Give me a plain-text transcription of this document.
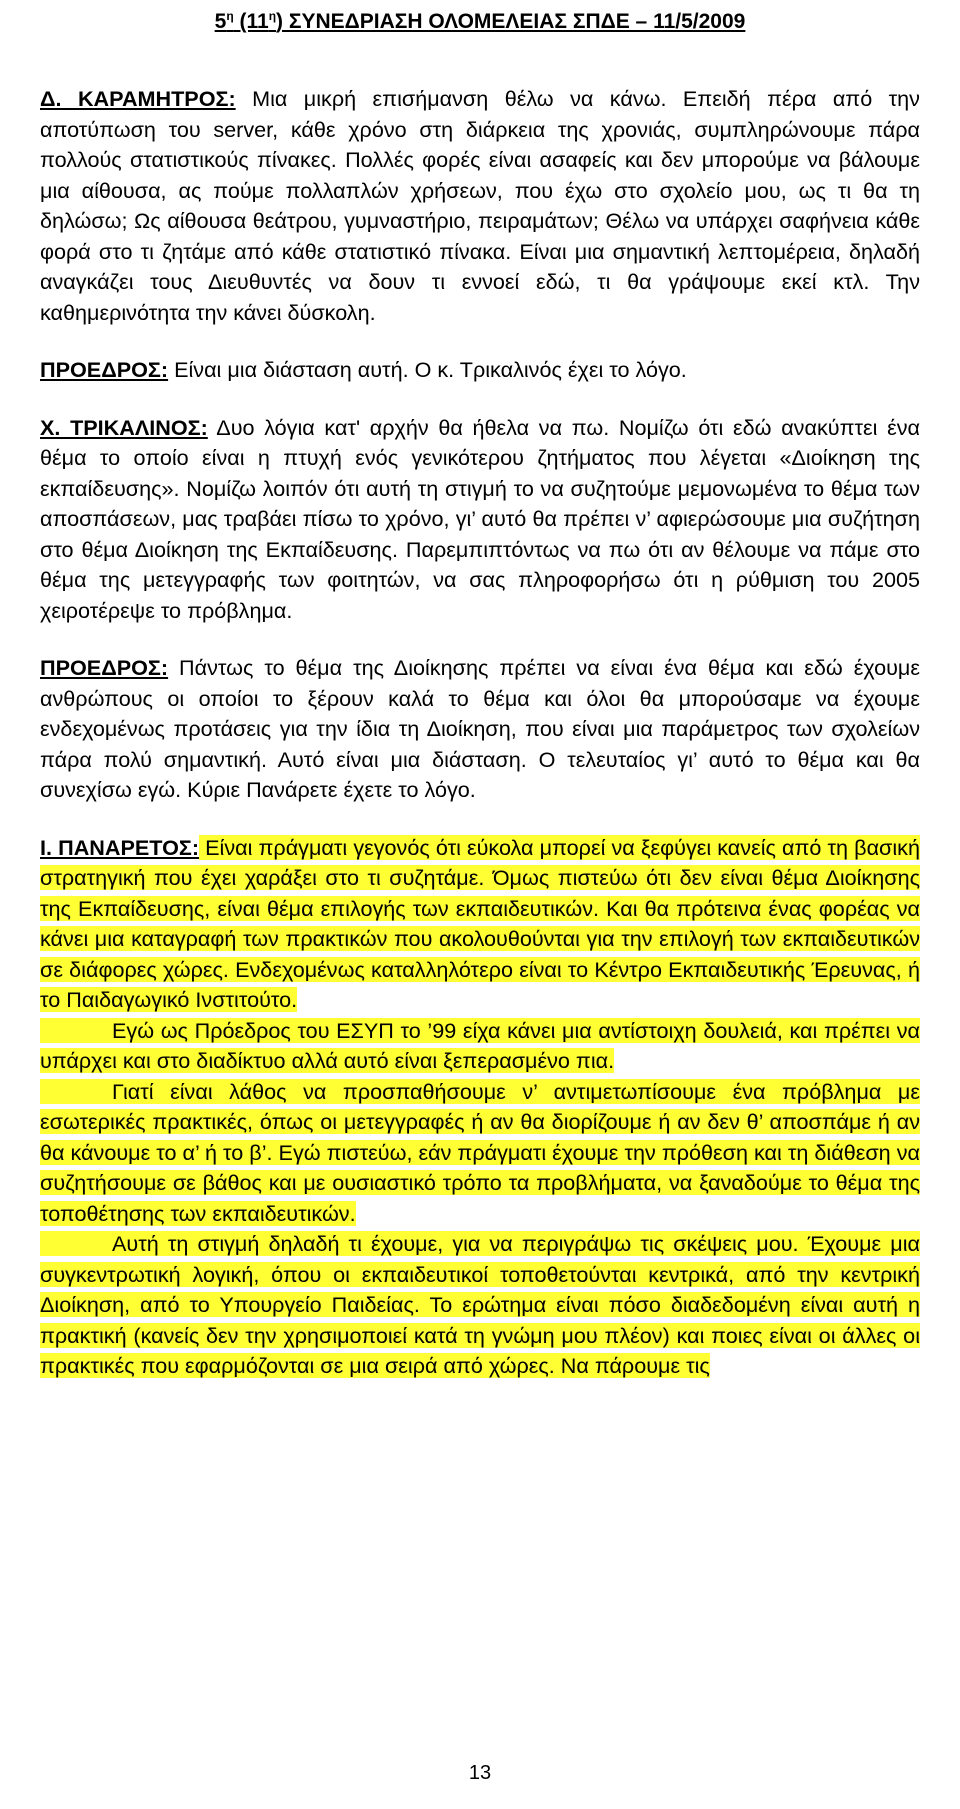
$5^\eta$ $(11^\eta)$ ΣΥΝΕΔΡΙΑΣΗ ΟΛΟΜΕΛΕΙΑΣ ΣΠΔΕ – 11/5/2009

Δ. ΚΑΡΑΜΗΤΡΟΣ: Μια μικρή επισήμανση θέλω να κάνω. Επειδή πέρα από την αποτύπωση του server, κάθε χρόνο στη διάρκεια της χρονιάς, συμπληρώνουμε πάρα πολλούς στατιστικούς πίνακες. Πολλές φορές είναι ασαφείς και δεν μπορούμε να βάλουμε μια αίθουσα, ας πούμε πολλαπλών χρήσεων, που έχω στο σχολείο μου, ως τι θα τη δηλώσω; Ως αίθουσα θεάτρου, γυμναστήριο, πειραμάτων; Θέλω να υπάρχει σαφήνεια κάθε φορά στο τι ζητάμε από κάθε στατιστικό πίνακα. Είναι μια σημαντική λεπτομέρεια, δηλαδή αναγκάζει τους Διευθυντές να δουν τι εννοεί εδώ, τι θα γράψουμε εκεί κτλ. Την καθημερινότητα την κάνει δύσκολη.

ΠΡΟΕΔΡΟΣ: Είναι μια διάσταση αυτή. Ο κ. Τρικαλινός έχει το λόγο.

Χ. ΤΡΙΚΑΛΙΝΟΣ: Δυο λόγια κατ' αρχήν θα ήθελα να πω. Νομίζω ότι εδώ ανακύπτει ένα θέμα το οποίο είναι η πτυχή ενός γενικότερου ζητήματος που λέγεται «Διοίκηση της εκπαίδευσης». Νομίζω λοιπόν ότι αυτή τη στιγμή το να συζητούμε μεμονωμένα το θέμα των αποσπάσεων, μας τραβάει πίσω το χρόνο, γι’ αυτό θα πρέπει ν’ αφιερώσουμε μια συζήτηση στο θέμα Διοίκηση της Εκπαίδευσης. Παρεμπιπτόντως να πω ότι αν θέλουμε να πάμε στο θέμα της μετεγγραφής των φοιτητών, να σας πληροφορήσω ότι η ρύθμιση του 2005 χειροτέρεψε το πρόβλημα.

ΠΡΟΕΔΡΟΣ: Πάντως το θέμα της Διοίκησης πρέπει να είναι ένα θέμα και εδώ έχουμε ανθρώπους οι οποίοι το ξέρουν καλά το θέμα και όλοι θα μπορούσαμε να έχουμε ενδεχομένως προτάσεις για την ίδια τη Διοίκηση, που είναι μια παράμετρος των σχολείων πάρα πολύ σημαντική. Αυτό είναι μια διάσταση. Ο τελευταίος γι’ αυτό το θέμα και θα συνεχίσω εγώ. Κύριε Πανάρετε έχετε το λόγο.

Ι. ΠΑΝΑΡΕΤΟΣ: Είναι πράγματι γεγονός ότι εύκολα μπορεί να ξεφύγει κανείς από τη βασική στρατηγική που έχει χαράξει στο τι συζητάμε. Όμως πιστεύω ότι δεν είναι θέμα Διοίκησης της Εκπαίδευσης, είναι θέμα επιλογής των εκπαιδευτικών. Και θα πρότεινα ένας φορέας να κάνει μια καταγραφή των πρακτικών που ακολουθούνται για την επιλογή των εκπαιδευτικών σε διάφορες χώρες. Ενδεχομένως καταλληλότερο είναι το Κέντρο Εκπαιδευτικής Έρευνας, ή το Παιδαγωγικό Ινστιτούτο.

Εγώ ως Πρόεδρος του ΕΣΥΠ το ’99 είχα κάνει μια αντίστοιχη δουλειά, και πρέπει να υπάρχει και στο διαδίκτυο αλλά αυτό είναι ξεπερασμένο πια.

Γιατί είναι λάθος να προσπαθήσουμε ν’ αντιμετωπίσουμε ένα πρόβλημα με εσωτερικές πρακτικές, όπως οι μετεγγραφές ή αν θα διορίζουμε ή αν δεν θ’ αποσπάμε ή αν θα κάνουμε το α’ ή το β’. Εγώ πιστεύω, εάν πράγματι έχουμε την πρόθεση και τη διάθεση να συζητήσουμε σε βάθος και με ουσιαστικό τρόπο τα προβλήματα, να ξαναδούμε το θέμα της τοποθέτησης των εκπαιδευτικών.

Αυτή τη στιγμή δηλαδή τι έχουμε, για να περιγράψω τις σκέψεις μου. Έχουμε μια συγκεντρωτική λογική, όπου οι εκπαιδευτικοί τοποθετούνται κεντρικά, από την κεντρική Διοίκηση, από το Υπουργείο Παιδείας. Το ερώτημα είναι πόσο διαδεδομένη είναι αυτή η πρακτική (κανείς δεν την χρησιμοποιεί κατά τη γνώμη μου πλέον) και ποιες είναι οι άλλες οι πρακτικές που εφαρμόζονται σε μια σειρά από χώρες. Να πάρουμε τις

13
